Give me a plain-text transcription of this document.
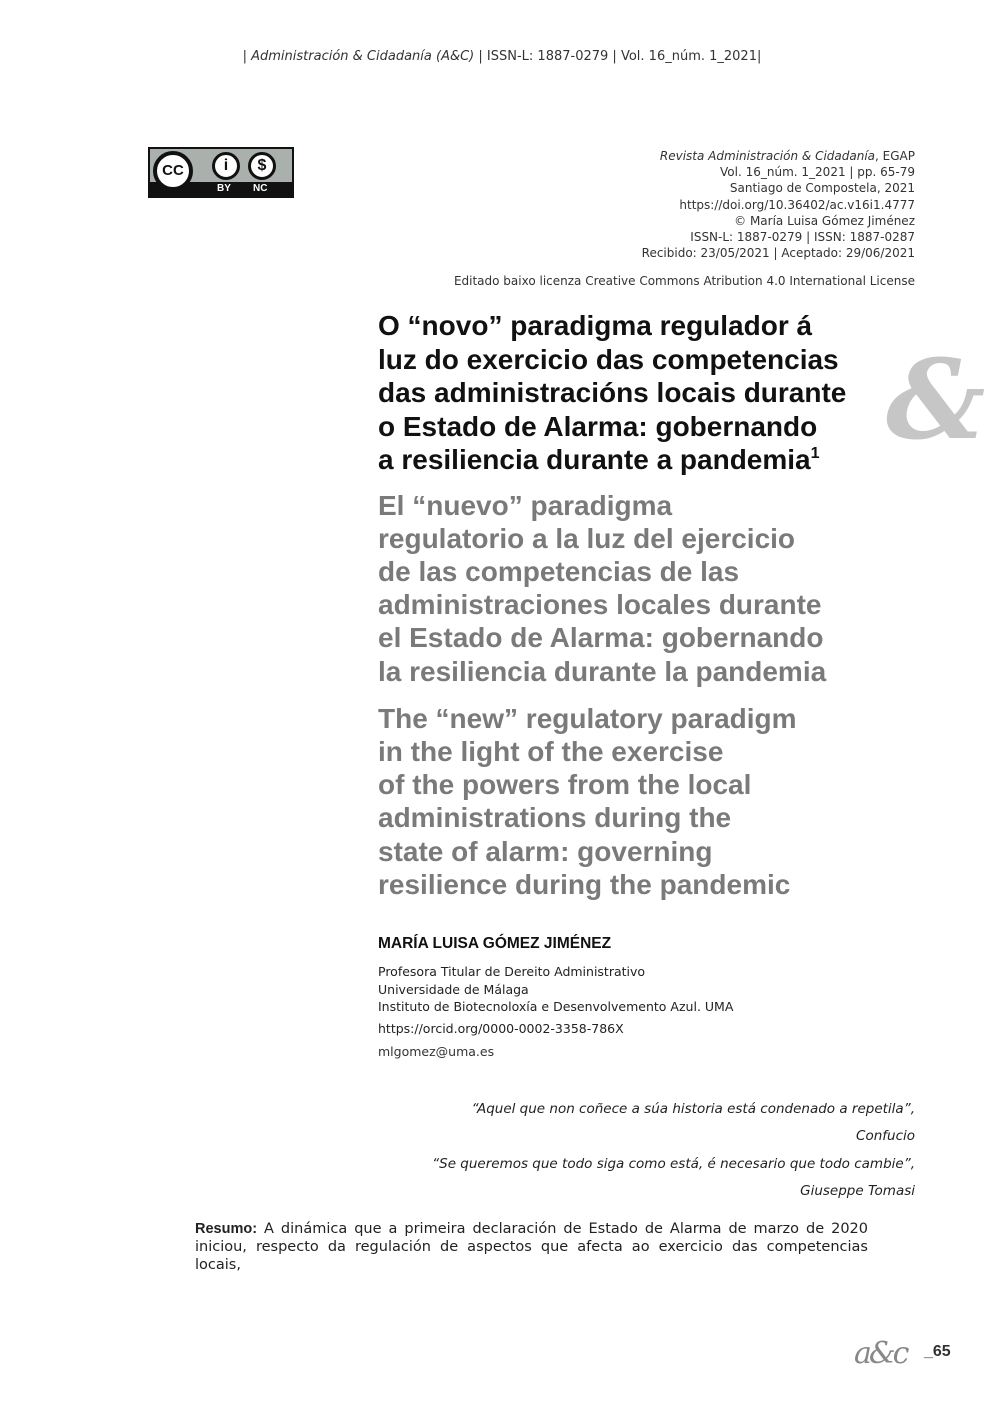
| Administración & Cidadanía (A&C) | ISSN-L: 1887-0279 | Vol. 16_núm. 1_2021|
CC	i	$
BY NC
Revista Administración & Cidadanía, EGAP
Vol. 16_núm. 1_2021 | pp. 65-79
Santiago de Compostela, 2021
https://doi.org/10.36402/ac.v16i1.4777
© María Luisa Gómez Jiménez
ISSN-L: 1887-0279 | ISSN: 1887-0287
Recibido: 23/05/2021 | Aceptado: 29/06/2021
Editado baixo licenza Creative Commons Atribution 4.0 International License
&
O “novo” paradigma regulador á
luz do exercicio das competencias
das administracións locais durante
o Estado de Alarma: gobernando
a resiliencia durante a pandemia$^1$
El “nuevo” paradigma
regulatorio a la luz del ejercicio
de las competencias de las
administraciones locales durante
el Estado de Alarma: gobernando
la resiliencia durante la pandemia
The “new” regulatory paradigm
in the light of the exercise
of the powers from the local
administrations during the
state of alarm: governing
resilience during the pandemic
MARÍA LUISA GÓMEZ JIMÉNEZ
Profesora Titular de Dereito Administrativo
Universidade de Málaga
Instituto de Biotecnoloxía e Desenvolvemento Azul. UMA
https://orcid.org/0000-0002-3358-786X
mlgomez@uma.es
“Aquel que non coñece a súa historia está condenado a repetila”,
Confucio
“Se queremos que todo siga como está, é necesario que todo cambie”,
Giuseppe Tomasi
Resumo: A dinámica que a primeira declaración de Estado de Alarma de marzo de 2020 iniciou, respecto da regulación de aspectos que afecta ao exercicio das competencias locais,
a&c _65
